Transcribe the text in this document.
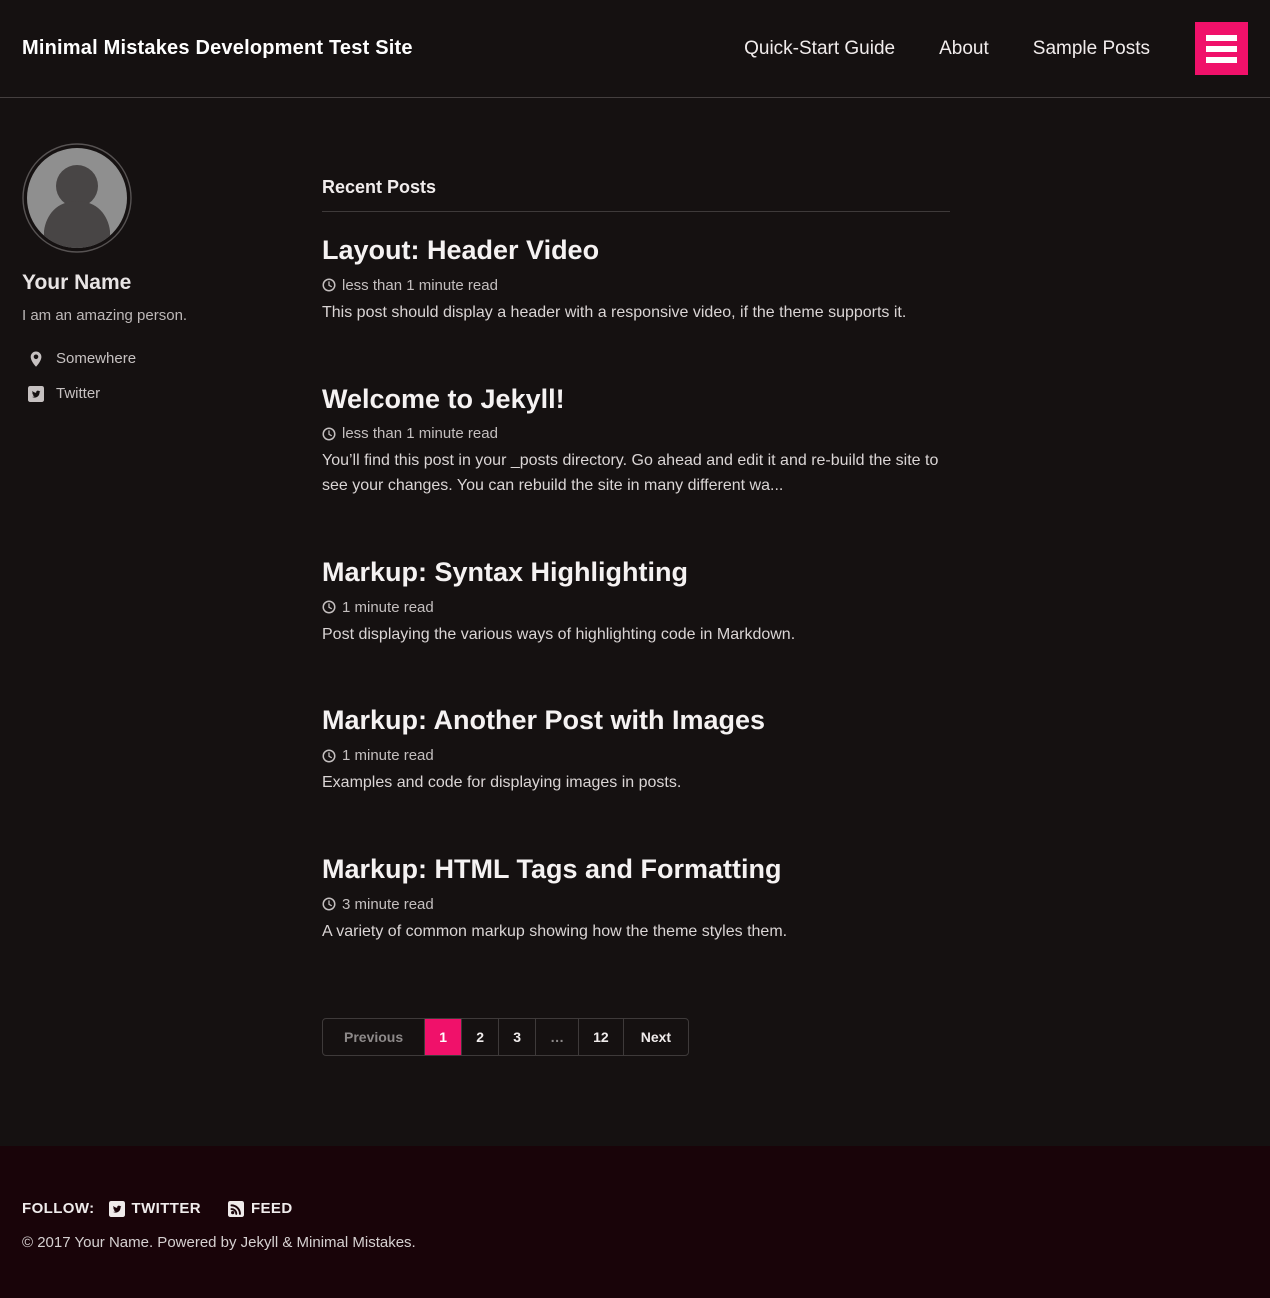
Minimal Mistakes Development Test Site	Quick-Start Guide About Sample Posts
Your Name

I am an amazing person.

Somewhere
Twitter
Recent Posts
Layout: Header Video

less than 1 minute read

This post should display a header with a responsive video, if the theme supports it.

Welcome to Jekyll!

less than 1 minute read

You’ll find this post in your _posts directory. Go ahead and edit it and re-build the site to see your changes. You can rebuild the site in many different wa...

Markup: Syntax Highlighting

1 minute read

Post displaying the various ways of highlighting code in Markdown.

Markup: Another Post with Images

1 minute read

Examples and code for displaying images in posts.

Markup: HTML Tags and Formatting

3 minute read

A variety of common markup showing how the theme styles them.

Previous	1	2	3	…	12	Next
FOLLOW: TWITTER	FEED

© 2017 Your Name. Powered by Jekyll & Minimal Mistakes.
